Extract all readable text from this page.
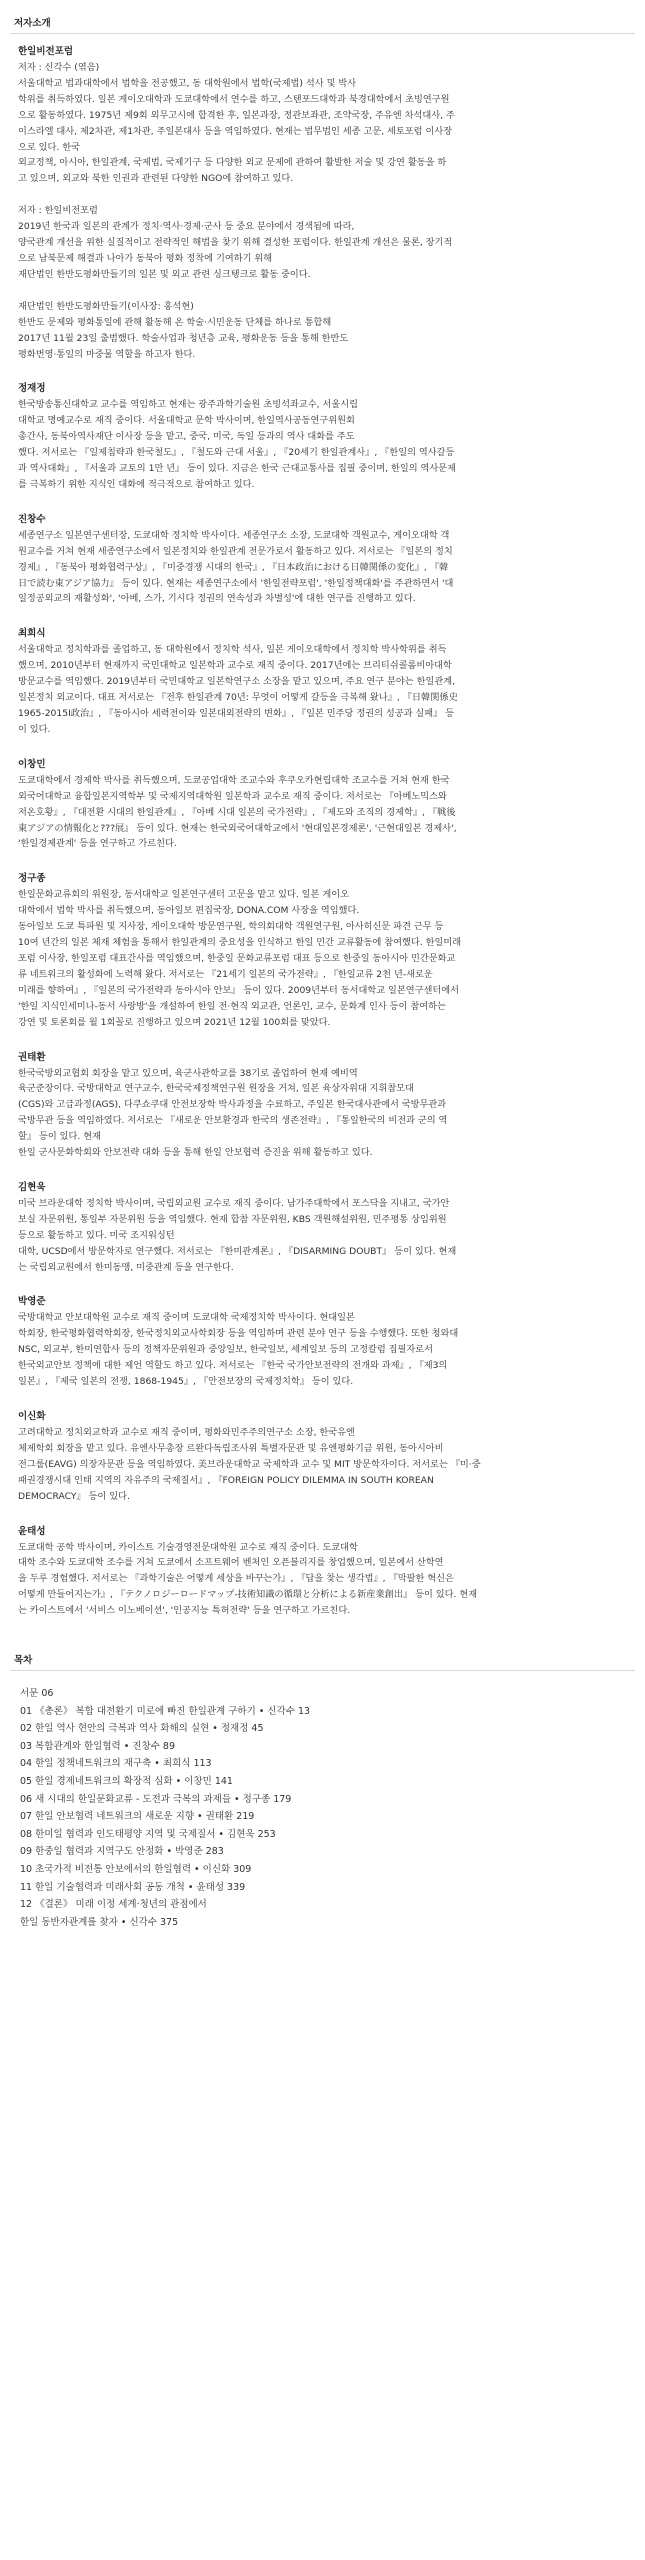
저자소개
한일비전포럼
저자 : 신각수 (엮음)
서울대학교 법과대학에서 법학을 전공했고, 동 대학원에서 법학(국제법) 석사 및 박사
학위를 취득하였다. 일본 게이오대학과 도쿄대학에서 연수를 하고, 스탠포드대학과 북경대학에서 초빙연구원
으로 활동하였다. 1975년 제9회 외무고시에 합격한 후, 일본과장, 정관보좌관, 조약국장, 주유엔 차석대사, 주
이스라엘 대사, 제2차관, 제1차관, 주일본대사 등을 역임하였다. 현재는 법무법인 세종 고문, 세토포럼 이사장
으로 있다. 한국
외교정책, 아시아, 한일관계, 국제법, 국제기구 등 다양한 외교 문제에 관하여 활발한 저술 및 강연 활동을 하
고 있으며, 외교와 북한 인권과 관련된 다양한 NGO에 참여하고 있다.
저자 : 한일비전포럼
2019년 한국과 일본의 관계가 정치·역사·경제·군사 등 중요 분야에서 경색됨에 따라,
양국관계 개선을 위한 실질적이고 전략적인 해법을 찾기 위해 결성한 포럼이다. 한일관계 개선은 물론, 장기적
으로 남북문제 해결과 나아가 동북아 평화 정착에 기여하기 위해
재단법인 한반도평화만들기의 일본 및 외교 관련 싱크탱크로 활동 중이다.
재단법인 한반도평화만들기(이사장: 홍석현)
한반도 문제와 평화통일에 관해 활동해 온 학술·시민운동 단체를 하나로 통합해
2017년 11월 23일 출범했다. 학술사업과 청년층 교육, 평화운동 등을 통해 한반도
평화번영·통일의 마중물 역할을 하고자 한다.
정재정
한국방송통신대학교 교수를 역임하고 현재는 광주과학기술원 초빙석좌교수, 서울시립
대학교 명예교수로 재직 중이다. 서울대학교 문학 박사이며, 한일역사공동연구위원회
총간사, 동북아역사재단 이사장 등을 맡고, 중국, 미국, 독일 등과의 역사 대화를 주도
했다. 저서로는 『일제침략과 한국철도』, 『철도와 근대 서울』, 『20세기 한일관계사』, 『한일의 역사갈등
과 역사대화』, 『서울과 교토의 1만 년』 등이 있다. 지금은 한국 근대교통사를 집필 중이며, 한일의 역사문제
를 극복하기 위한 지식인 대화에 적극적으로 참여하고 있다.
진창수
세종연구소 일본연구센터장, 도쿄대학 정치학 박사이다. 세종연구소 소장, 도쿄대학 객원교수, 게이오대학 객
원교수를 거쳐 현재 세종연구소에서 일본정치와 한일관계 전문가로서 활동하고 있다. 저서로는 『일본의 정치
경제』, 『동북아 평화협력구상』, 『미중경쟁 시대의 한국』, 『日本政治における日韓関係の変化』, 『韓
日で読む東アジア協力』 등이 있다. 현재는 세종연구소에서 '한일전략포럼', '한일정책대화'를 주관하면서 '대
일정공외교의 재활성화', '아베, 스가, 기시다 정권의 연속성과 차별성'에 대한 연구를 진행하고 있다.
최희식
서울대학교 정치학과를 졸업하고, 동 대학원에서 정치학 석사, 일본 게이오대학에서 정치학 박사학위를 취득
했으며, 2010년부터 현재까지 국민대학교 일본학과 교수로 재직 중이다. 2017년에는 브리티쉬콜롬비아대학
방문교수를 역임했다. 2019년부터 국민대학교 일본학연구소 소장을 맡고 있으며, 주요 연구 분야는 한일관계,
일본정치 외교이다. 대표 저서로는 『전후 한일관계 70년: 무엇이 어떻게 갈등을 극복해 왔나』, 『日韓関係史
1965-2015Ⅰ政治』, 『동아시아 세력전이와 일본대외전략의 변화』, 『일본 민주당 정권의 성공과 실패』 등
이 있다.
이창민
도쿄대학에서 경제학 박사를 취득했으며, 도쿄공업대학 조교수와 후쿠오카현립대학 조교수를 거쳐 현재 한국
외국어대학교 융합일본지역학부 및 국제지역대학원 일본학과 교수로 재직 중이다. 저서로는 『아베노믹스와
저온호황』, 『대전환 시대의 한일관계』, 『아베 시대 일본의 국가전략』, 『제도와 조직의 경제학』, 『戦後
東アジアの情報化と???展』 등이 있다. 현재는 한국외국어대학교에서 '현대일본경제론', '근현대일본 경제사',
'한일경제관계' 등을 연구하고 가르친다.
정구종
한일문화교류회의 위원장, 동서대학교 일본연구센터 고문을 맡고 있다. 일본 게이오
대학에서 법학 박사를 취득했으며, 동아일보 편집국장, DONA.COM 사장을 역임했다.
동아일보 도쿄 특파원 및 지사장, 게이오대학 방문연구원, 학의회대학 객원연구원, 아사히신문 파견 근무 등
10여 년간의 일본 체재 체험을 통해서 한일관계의 중요성을 인식하고 한일 민간 교류활동에 참여했다. 한일미래
포럼 이사장, 한일포럼 대표간사를 역임했으며, 한중일 문화교류포럼 대표 등으로 한중일 동아시아 민간문화교
류 네트워크의 활성화에 노력해 왔다. 저서로는 『21세기 일본의 국가전략』, 『한일교류 2천 년-새로운
미래를 향하여』, 『일본의 국가전략과 동아시아 안보』 등이 있다. 2009년부터 동서대학교 일본연구센터에서
'한일 지식인세미나-동서 사랑방'을 개설하여 한일 전·현직 외교관, 언론인, 교수, 문화계 인사 등이 참여하는
강연 및 토론회를 월 1회꼴로 진행하고 있으며 2021년 12월 100회를 맞았다.
권태환
한국국방외교협회 회장을 맡고 있으며, 육군사관학교를 38기로 졸업하여 현재 예비역
육군준장이다. 국방대학교 연구교수, 한국국제정책연구원 원장을 거쳐, 일본 육상자위대 지휘참모대
(CGS)와 고급과정(AGS), 다쿠쇼쿠대 안전보장학 박사과정을 수료하고, 주일본 한국대사관에서 국방무관과
국방무관 등을 역임하였다. 저서로는 『새로운 안보환경과 한국의 생존전략』, 『통일한국의 비전과 군의 역
할』 등이 있다. 현재
한일 군사문화학회와 안보전략 대화 등을 통해 한일 안보협력 증진을 위해 활동하고 있다.
김현욱
미국 브라운대학 정치학 박사이며, 국립외교원 교수로 재직 중이다. 남가주대학에서 포스닥을 지내고, 국가안
보실 자문위원, 통일부 자문위원 등을 역임했다. 현재 합참 자문위원, KBS 객원해설위원, 민주평통 상임위원
등으로 활동하고 있다. 미국 조지워싱턴
대학, UCSD에서 방문학자로 연구했다. 저서로는 『한미관계론』, 『DISARMING DOUBT』 등이 있다. 현재
는 국립외교원에서 한미동맹, 미중관계 등을 연구한다.
박영준
국방대학교 안보대학원 교수로 재직 중이며 도쿄대학 국제정치학 박사이다. 현대일본
학회장, 한국평화협력학회장, 한국정치외교사학회장 등을 역임하며 관련 분야 연구 등을 수행했다. 또한 청와대
NSC, 외교부, 한미연합사 등의 정책자문위원과 중앙일보, 한국일보, 세계일보 등의 고정칼럼 집필자로서
한국외교안보 정책에 대한 제언 역할도 하고 있다. 저서로는 『한국 국가안보전략의 전개와 과제』, 『제3의
일본』, 『제국 일본의 전쟁, 1868-1945』, 『안전보장의 국제정치학』 등이 있다.
이신화
고려대학교 정치외교학과 교수로 재직 중이며, 평화와민주주의연구소 소장, 한국유엔
체제학회 회장을 맡고 있다. 유엔사무총장 르완다독립조사위 특별자문관 및 유엔평화기금 위원, 동아시아비
전그룹(EAVG) 의장자문관 등을 역임하였다. 美브라운대학교 국제학과 교수 및 MIT 방문학자이다. 저서로는 『미·중
패권경쟁시대 인태 지역의 자유주의 국제질서』, 『FOREIGN POLICY DILEMMA IN SOUTH KOREAN
DEMOCRACY』 등이 있다.
윤태성
도쿄대학 공학 박사이며, 카이스트 기술경영전문대학원 교수로 재직 중이다. 도쿄대학
대학 조수와 도쿄대학 조수를 거쳐 도쿄에서 소프트웨어 벤처인 오픈블리지를 창업했으며, 일본에서 산학연
을 두루 경험했다. 저서로는 『과학기술은 어떻게 세상을 바꾸는가』, 『답을 찾는 생각법』, 『막팔한 혁신은
어떻게 만들어지는가』, 『テクノロジーロードマップ-技術知識の循環と分析による新産業創出』 등이 있다. 현재
는 카이스트에서 '서비스 이노베이션', '인공지능 특허전략' 등을 연구하고 가르친다.
목차
서문 06
01 《총론》 복합 대전환기 미로에 빠진 한일관계 구하기 • 신각수 13
02 한일 역사 현안의 극복과 역사 화해의 실현 • 정재정 45
03 복합관계와 한일협력 • 진창수 89
04 한일 정책네트워크의 재구축 • 최희식 113
05 한일 경제네트워크의 확장적 심화 • 이창민 141
06 새 시대의 한일문화교류 - 도전과 극복의 과제들 • 정구종 179
07 한일 안보협력 네트워크의 새로운 지향 • 권태환 219
08 한미일 협력과 인도태평양 지역 및 국제질서 • 김현욱 253
09 한중일 협력과 지역구도 안정화 • 박영준 283
10 초국가적 비전통 안보에서의 한일협력 • 이신화 309
11 한일 기술협력과 미래사회 공동 개척 • 윤태성 339
12 《결론》 미래 이정 세계·청년의 관점에서
한일 동반자관계를 찾자 • 신각수 375
